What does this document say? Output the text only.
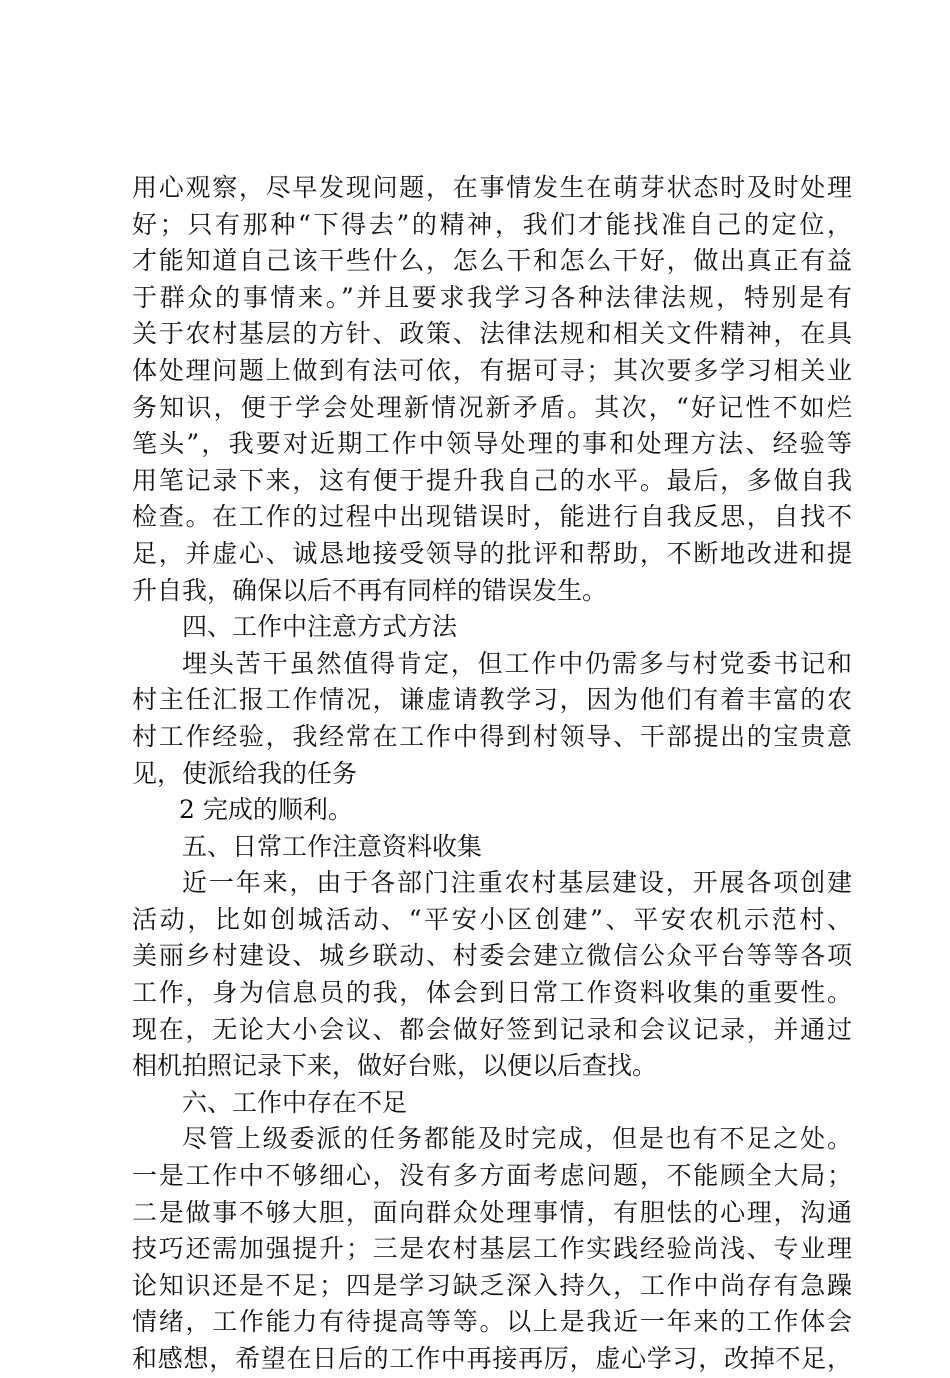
用心观察，尽早发现问题，在事情发生在萌芽状态时及时处理
好；只有那种“下得去”的精神，我们才能找准自己的定位，
才能知道自己该干些什么，怎么干和怎么干好，做出真正有益
于群众的事情来。”并且要求我学习各种法律法规，特别是有
关于农村基层的方针、政策、法律法规和相关文件精神，在具
体处理问题上做到有法可依，有据可寻；其次要多学习相关业
务知识，便于学会处理新情况新矛盾。其次，“好记性不如烂
笔头”，我要对近期工作中领导处理的事和处理方法、经验等
用笔记录下来，这有便于提升我自己的水平。最后，多做自我
检查。在工作的过程中出现错误时，能进行自我反思，自找不
足，并虚心、诚恳地接受领导的批评和帮助，不断地改进和提
升自我，确保以后不再有同样的错误发生。
四、工作中注意方式方法
埋头苦干虽然值得肯定，但工作中仍需多与村党委书记和
村主任汇报工作情况，谦虚请教学习，因为他们有着丰富的农
村工作经验，我经常在工作中得到村领导、干部提出的宝贵意
见，使派给我的任务
2 完成的顺利。
五、日常工作注意资料收集
近一年来，由于各部门注重农村基层建设，开展各项创建
活动，比如创城活动、“平安小区创建”、平安农机示范村、
美丽乡村建设、城乡联动、村委会建立微信公众平台等等各项
工作，身为信息员的我，体会到日常工作资料收集的重要性。
现在，无论大小会议、都会做好签到记录和会议记录，并通过
相机拍照记录下来，做好台账，以便以后查找。
六、工作中存在不足
尽管上级委派的任务都能及时完成，但是也有不足之处。
一是工作中不够细心，没有多方面考虑问题，不能顾全大局；
二是做事不够大胆，面向群众处理事情，有胆怯的心理，沟通
技巧还需加强提升；三是农村基层工作实践经验尚浅、专业理
论知识还是不足；四是学习缺乏深入持久，工作中尚存有急躁
情绪，工作能力有待提高等等。以上是我近一年来的工作体会
和感想，希望在日后的工作中再接再厉，虚心学习，改掉不足，
